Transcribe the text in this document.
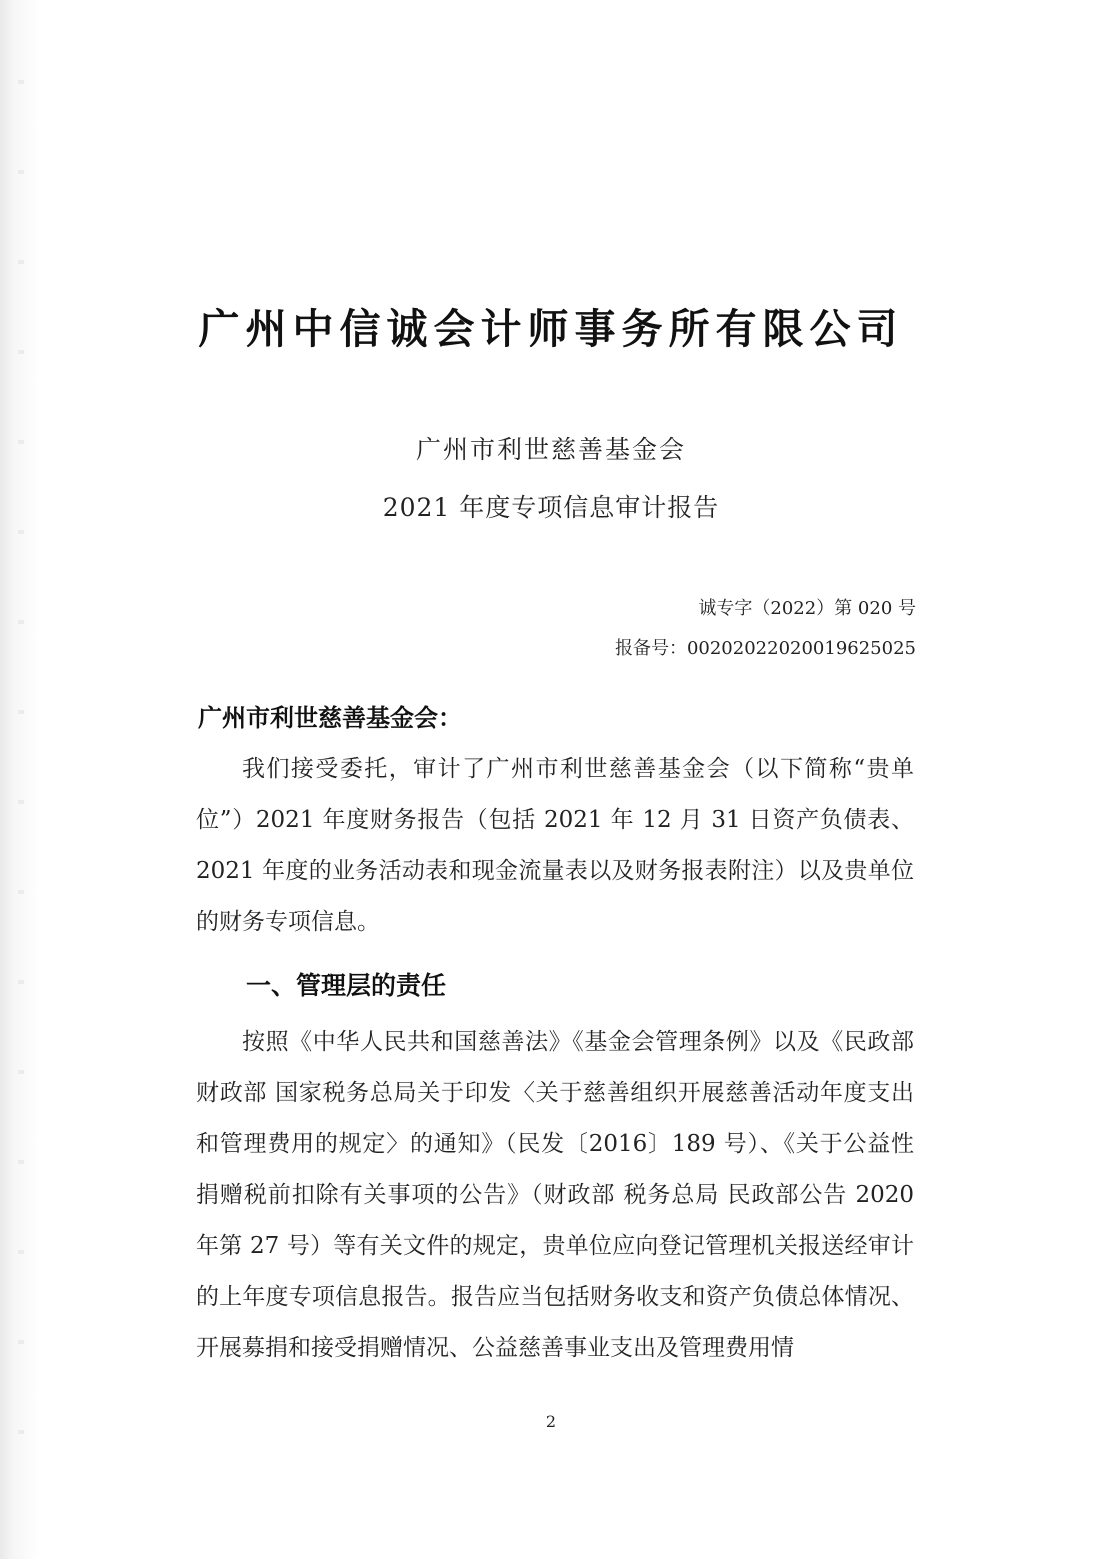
广州中信诚会计师事务所有限公司
广州市利世慈善基金会
2021 年度专项信息审计报告
诚专字（2022）第 020 号
报备号：00202022020019625025
广州市利世慈善基金会：
我们接受委托，审计了广州市利世慈善基金会（以下简称“贵单位”）2021 年度财务报告（包括 2021 年 12 月 31 日资产负债表、2021 年度的业务活动表和现金流量表以及财务报表附注）以及贵单位的财务专项信息。
一、管理层的责任
按照《中华人民共和国慈善法》《基金会管理条例》以及《民政部 财政部 国家税务总局关于印发〈关于慈善组织开展慈善活动年度支出和管理费用的规定〉的通知》（民发〔2016〕189 号）、《关于公益性捐赠税前扣除有关事项的公告》（财政部 税务总局 民政部公告 2020 年第 27 号）等有关文件的规定，贵单位应向登记管理机关报送经审计的上年度专项信息报告。报告应当包括财务收支和资产负债总体情况、开展募捐和接受捐赠情况、公益慈善事业支出及管理费用情
2
